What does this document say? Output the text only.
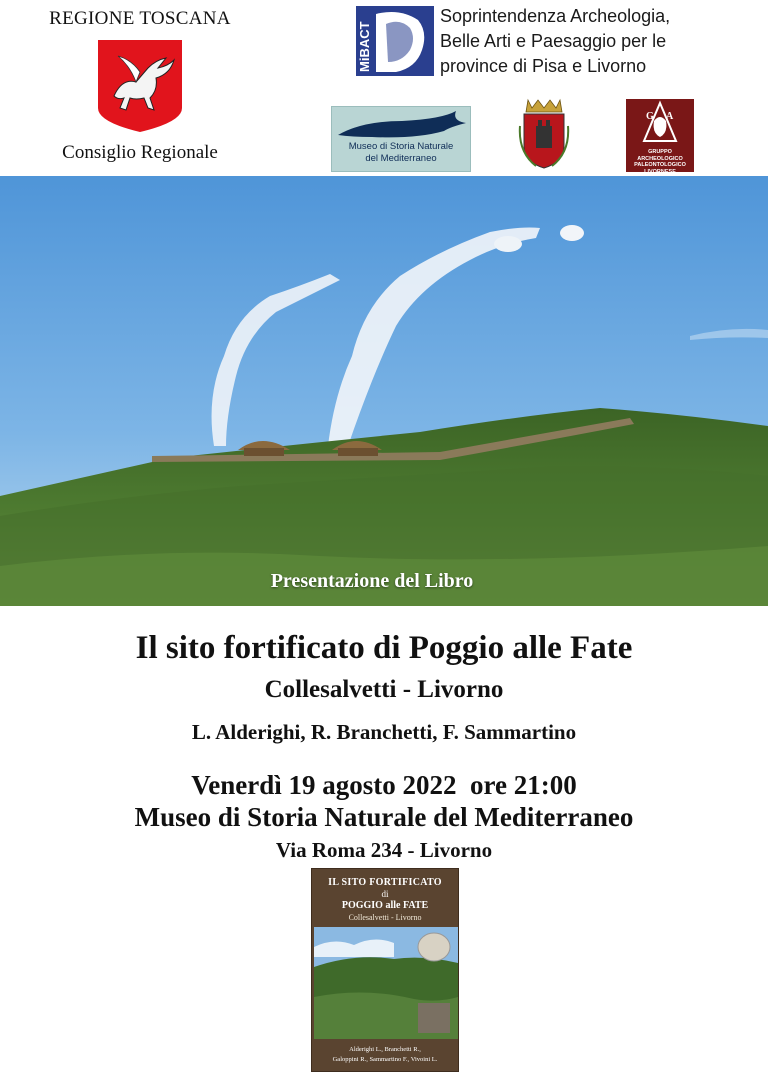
REGIONE TOSCANA
Consiglio Regionale
MiBACT
Soprintendenza Archeologia,
Belle Arti e Paesaggio per le
province di Pisa e Livorno
Museo di Storia Naturale
del Mediterraneo
G A
GRUPPO
ARCHEOLOGICO
PALEONTOLOGICO
LIVORNESE
Presentazione del Libro
Il sito fortificato di Poggio alle Fate
Collesalvetti - Livorno
L. Alderighi, R. Branchetti, F. Sammartino
Venerdì 19 agosto 2022  ore 21:00
Museo di Storia Naturale del Mediterraneo
Via Roma 234 - Livorno
IL SITO FORTIFICATO
di
POGGIO alle FATE
Collesalvetti - Livorno
Alderighi L., Branchetti R.,
Galoppini R., Sammartino F., Vivoini L.
